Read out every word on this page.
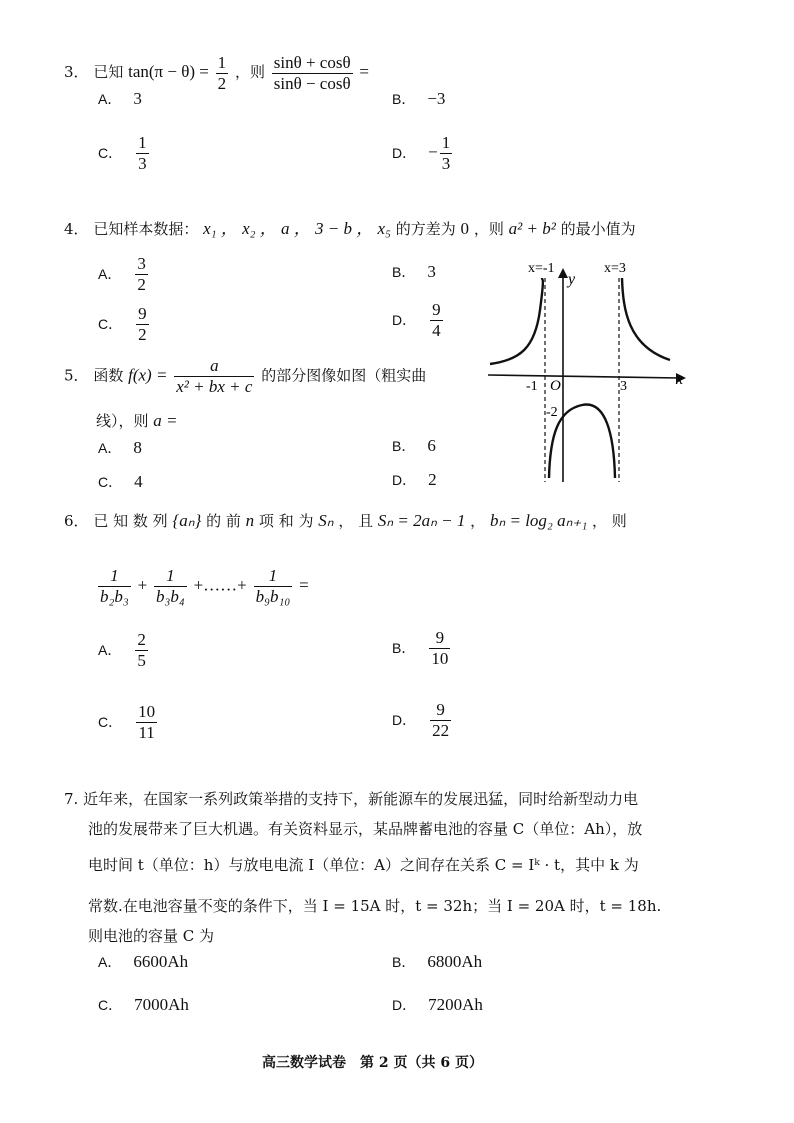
3． 已知 $\tan(\pi - \theta) = \frac{1}{2}$ ，则 $\frac{\sin\theta + \cos\theta}{\sin\theta - \cos\theta}$ =
A． 3	B． −3
C． $\frac{1}{3}$	D． − $\frac{1}{3}$
4． 已知样本数据： x₁ ， x₂ ， a ， 3 − b ， x₅ 的方差为 0 ，则 a² + b² 的最小值为
A． $\frac{3}{2}$	B． 3
C． $\frac{9}{2}$	D． $\frac{9}{4}$
5． 函数 $f(x) = \frac{a}{\text{x² + bx + c}}$ 的部分图像如图（粗实曲
线），则 a =
A． 8	B． 6
C． 4	D． 2
x=-1	x=3
y
x
-1 O	3
-2
6． 已 知 数 列 {aₙ} 的 前 n 项 和 为 Sₙ ， 且 Sₙ = 2aₙ − 1 ， bₙ = log₂ aₙ₊₁ ， 则
$\frac{1}{\text{b₂b₃}} + \frac{1}{\text{b₃b₄}}$ +……+ $\frac{1}{\text{b₉b₁₀}}$ =
A． $\frac{2}{5}$	B． $\frac{9}{10}$
C． $\frac{10}{11}$	D． $\frac{9}{22}$
7. 近年来，在国家一系列政策举措的支持下，新能源车的发展迅猛，同时给新型动力电
池的发展带来了巨大机遇。有关资料显示，某品牌蓄电池的容量 C（单位：Ah），放
电时间 t（单位：h）与放电电流 I（单位：A）之间存在关系 C = Iᵏ · t，其中 k 为
常数.在电池容量不变的条件下，当 I = 15A 时，t = 32h；当 I = 20A 时，t = 18h.
则电池的容量 C 为
A． 6600Ah	B． 6800Ah
C． 7000Ah	D． 7200Ah
高三数学试卷　第 2 页（共 6 页）
